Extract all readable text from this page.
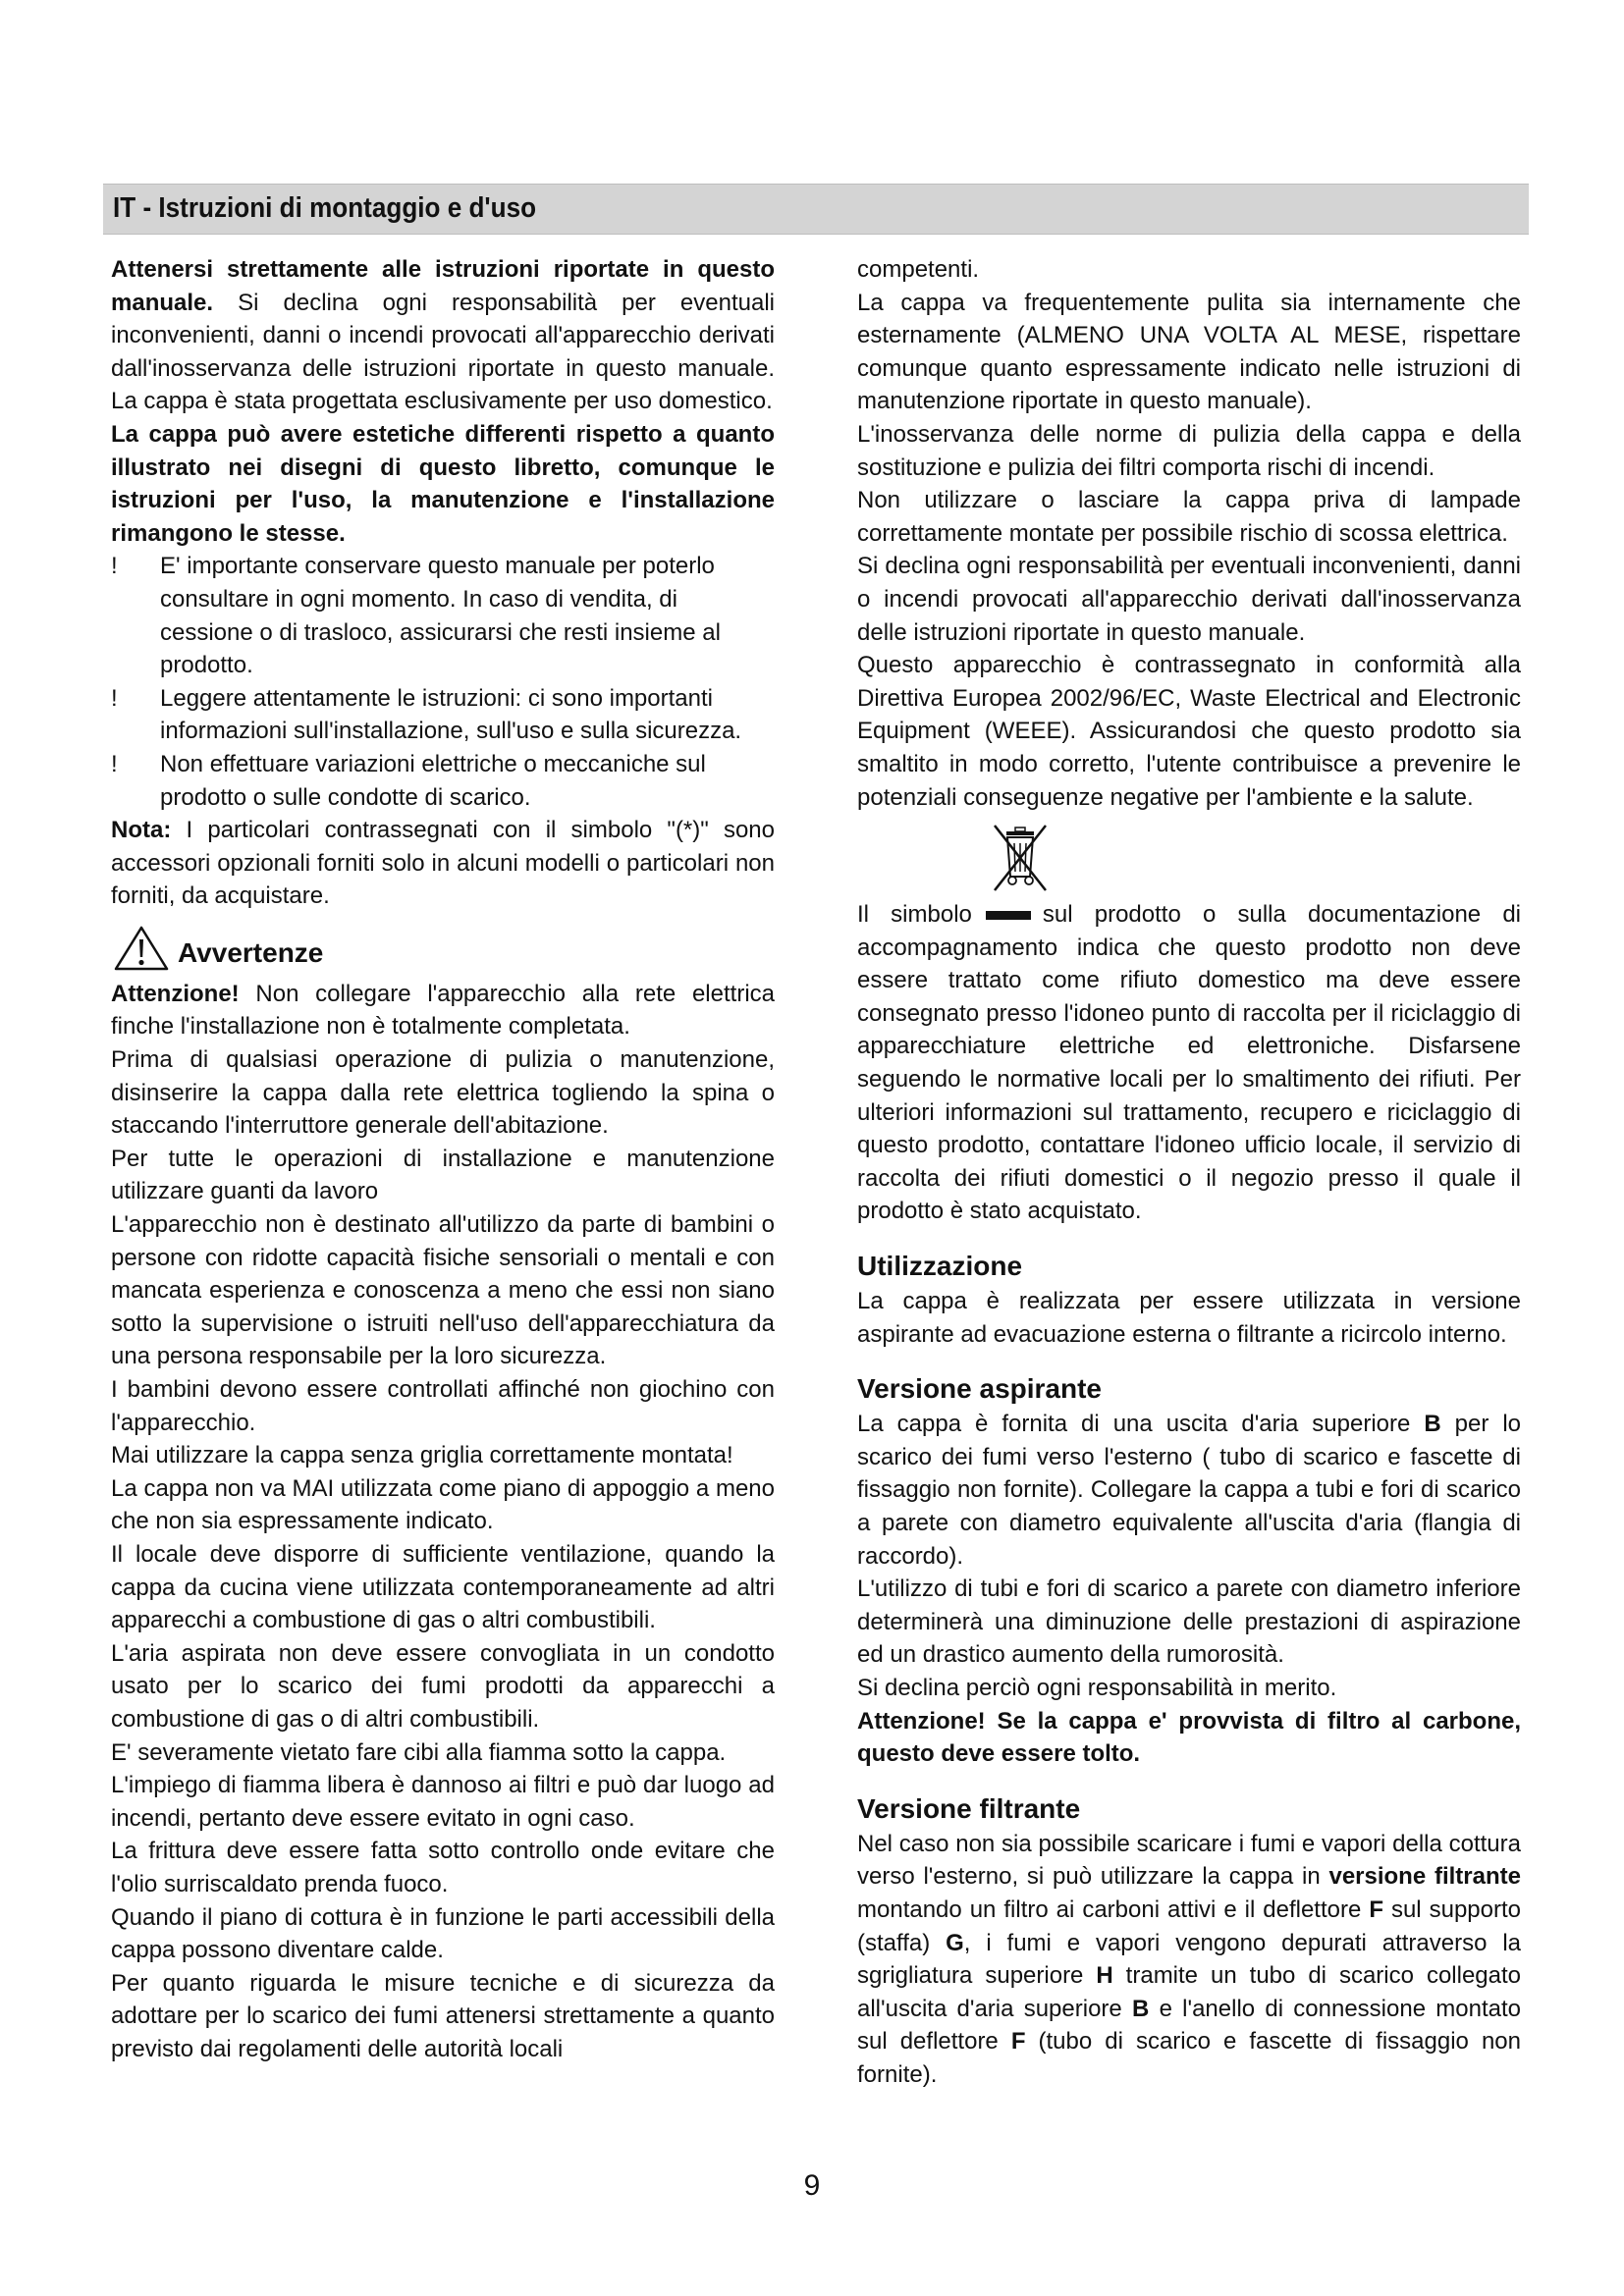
IT - Istruzioni di montaggio e d'uso

Attenersi strettamente alle istruzioni riportate in questo manuale. Si declina ogni responsabilità per eventuali inconvenienti, danni o incendi provocati all'apparecchio derivati dall'inosservanza delle istruzioni riportate in questo manuale. La cappa è stata progettata esclusivamente per uso domestico.

La cappa può avere estetiche differenti rispetto a quanto illustrato nei disegni di questo libretto, comunque le istruzioni per l'uso, la manutenzione e l'installazione rimangono le stesse.

! E' importante conservare questo manuale per poterlo consultare in ogni momento. In caso di vendita, di cessione o di trasloco, assicurarsi che resti insieme al prodotto.
! Leggere attentamente le istruzioni: ci sono importanti informazioni sull'installazione, sull'uso e sulla sicurezza.
! Non effettuare variazioni elettriche o meccaniche sul prodotto o sulle condotte di scarico.

Nota: I particolari contrassegnati con il simbolo "(*)" sono accessori opzionali forniti solo in alcuni modelli o particolari non forniti, da acquistare.

Avvertenze

Attenzione! Non collegare l'apparecchio alla rete elettrica finche l'installazione non è totalmente completata.

Prima di qualsiasi operazione di pulizia o manutenzione, disinserire la cappa dalla rete elettrica togliendo la spina o staccando l'interruttore generale dell'abitazione.

Per tutte le operazioni di installazione e manutenzione utilizzare guanti da lavoro

L'apparecchio non è destinato all'utilizzo da parte di bambini o persone con ridotte capacità fisiche sensoriali o mentali e con mancata esperienza e conoscenza a meno che essi non siano sotto la supervisione o istruiti nell'uso dell'apparecchiatura da una persona responsabile per la loro sicurezza.

I bambini devono essere controllati affinché non giochino con l'apparecchio.

Mai utilizzare la cappa senza griglia correttamente montata!

La cappa non va MAI utilizzata come piano di appoggio a meno che non sia espressamente indicato.

Il locale deve disporre di sufficiente ventilazione, quando la cappa da cucina viene utilizzata contemporaneamente ad altri apparecchi a combustione di gas o altri combustibili.

L'aria aspirata non deve essere convogliata in un condotto usato per lo scarico dei fumi prodotti da apparecchi a combustione di gas o di altri combustibili.

E' severamente vietato fare cibi alla fiamma sotto la cappa.

L'impiego di fiamma libera è dannoso ai filtri e può dar luogo ad incendi, pertanto deve essere evitato in ogni caso.

La frittura deve essere fatta sotto controllo onde evitare che l'olio surriscaldato prenda fuoco.

Quando il piano di cottura è in funzione le parti accessibili della cappa possono diventare calde.

Per quanto riguarda le misure tecniche e di sicurezza da adottare per lo scarico dei fumi attenersi strettamente a quanto previsto dai regolamenti delle autorità locali

competenti.

La cappa va frequentemente pulita sia internamente che esternamente (ALMENO UNA VOLTA AL MESE, rispettare comunque quanto espressamente indicato nelle istruzioni di manutenzione riportate in questo manuale).

L'inosservanza delle norme di pulizia della cappa e della sostituzione e pulizia dei filtri comporta rischi di incendi.

Non utilizzare o lasciare la cappa priva di lampade correttamente montate per possibile rischio di scossa elettrica.

Si declina ogni responsabilità per eventuali inconvenienti, danni o incendi provocati all'apparecchio derivati dall'inosservanza delle istruzioni riportate in questo manuale.

Questo apparecchio è contrassegnato in conformità alla Direttiva Europea 2002/96/EC, Waste Electrical and Electronic Equipment (WEEE). Assicurandosi che questo prodotto sia smaltito in modo corretto, l'utente contribuisce a prevenire le potenziali conseguenze negative per l'ambiente e la salute.

Il simbolo	sul prodotto o sulla documentazione di accompagnamento indica che questo prodotto non deve essere trattato come rifiuto domestico ma deve essere consegnato presso l'idoneo punto di raccolta per il riciclaggio di apparecchiature elettriche ed elettroniche. Disfarsene seguendo le normative locali per lo smaltimento dei rifiuti. Per ulteriori informazioni sul trattamento, recupero e riciclaggio di questo prodotto, contattare l'idoneo ufficio locale, il servizio di raccolta dei rifiuti domestici o il negozio presso il quale il prodotto è stato acquistato.

Utilizzazione

La cappa è realizzata per essere utilizzata in versione aspirante ad evacuazione esterna o filtrante a ricircolo interno.

Versione aspirante

La cappa è fornita di una uscita d'aria superiore B per lo scarico dei fumi verso l'esterno ( tubo di scarico e fascette di fissaggio non fornite). Collegare la cappa a tubi e fori di scarico a parete con diametro equivalente all'uscita d'aria (flangia di raccordo).

L'utilizzo di tubi e fori di scarico a parete con diametro inferiore determinerà una diminuzione delle prestazioni di aspirazione ed un drastico aumento della rumorosità.

Si declina perciò ogni responsabilità in merito.

Attenzione! Se la cappa e' provvista di filtro al carbone, questo deve essere tolto.

Versione filtrante

Nel caso non sia possibile scaricare i fumi e vapori della cottura verso l'esterno, si può utilizzare la cappa in versione filtrante montando un filtro ai carboni attivi e il deflettore F sul supporto (staffa) G, i fumi e vapori vengono depurati attraverso la sgrigliatura superiore H tramite un tubo di scarico collegato all'uscita d'aria superiore B e l'anello di connessione montato sul deflettore F (tubo di scarico e fascette di fissaggio non fornite).

9
